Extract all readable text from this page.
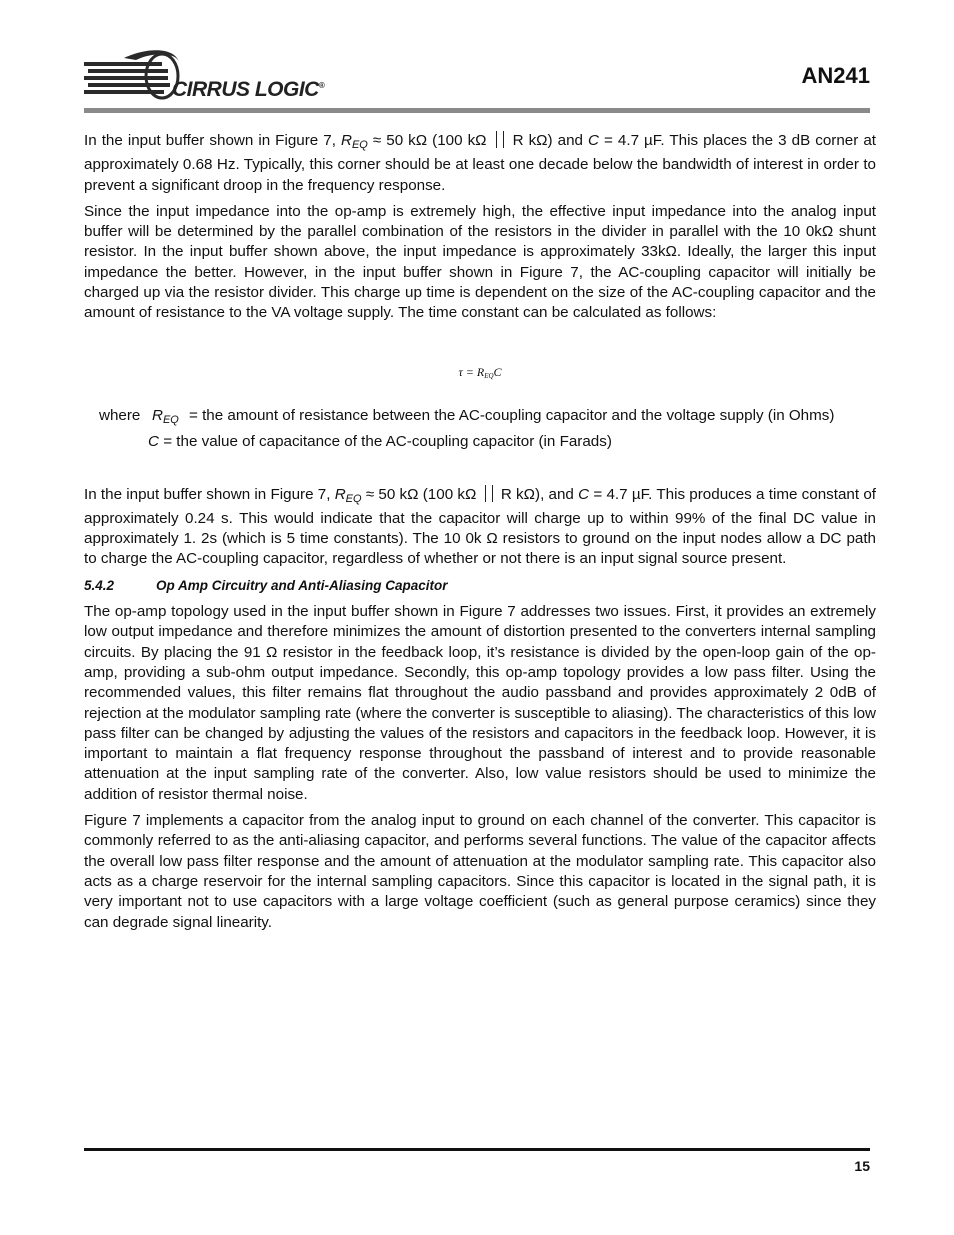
CIRRUS LOGIC®	AN241

In the input buffer shown in Figure 7, $R_{EQ} \approx 50$ kΩ (100 kΩ  R kΩ) and C = 4.7 µF. This places the 3 dB corner at approximately 0.68 Hz. Typically, this corner should be at least one decade below the bandwidth of interest in order to prevent a significant droop in the frequency response.

Since the input impedance into the op-amp is extremely high, the effective input impedance into the analog input buffer will be determined by the parallel combination of the resistors in the divider in parallel with the 10 0kΩ shunt resistor. In the input buffer shown above, the input impedance is approximately 33kΩ. Ideally, the larger this input impedance the better. However, in the input buffer shown in Figure 7, the AC-coupling capacitor will initially be charged up via the resistor divider. This charge up time is dependent on the size of the AC-coupling capacitor and the amount of resistance to the VA voltage supply. The time constant can be calculated as follows:

τ = REQC
where $R_{EQ}$ = the amount of resistance between the AC-coupling capacitor and the voltage supply (in Ohms)
C = the value of capacitance of the AC-coupling capacitor (in Farads)

In the input buffer shown in Figure 7, $R_{EQ} \approx 50$ kΩ (100 kΩ  R kΩ), and C = 4.7 µF. This produces a time constant of approximately 0.24 s. This would indicate that the capacitor will charge up to within 99% of the final DC value in approximately 1. 2s (which is 5 time constants). The 10 0k Ω resistors to ground on the input nodes allow a DC path to charge the AC-coupling capacitor, regardless of whether or not there is an input signal source present.

5.4.2	Op Amp Circuitry and Anti-Aliasing Capacitor

The op-amp topology used in the input buffer shown in Figure 7 addresses two issues. First, it provides an extremely low output impedance and therefore minimizes the amount of distortion presented to the converters internal sampling circuits. By placing the 91 Ω resistor in the feedback loop, it’s resistance is divided by the open-loop gain of the op-amp, providing a sub-ohm output impedance. Secondly, this op-amp topology provides a low pass filter. Using the recommended values, this filter remains flat throughout the audio passband and provides approximately 2 0dB of rejection at the modulator sampling rate (where the converter is susceptible to aliasing). The characteristics of this low pass filter can be changed by adjusting the values of the resistors and capacitors in the feedback loop. However, it is important to maintain a flat frequency response throughout the passband of interest and to provide reasonable attenuation at the input sampling rate of the converter. Also, low value resistors should be used to minimize the addition of resistor thermal noise.

Figure 7 implements a capacitor from the analog input to ground on each channel of the converter. This capacitor is commonly referred to as the anti-aliasing capacitor, and performs several functions. The value of the capacitor affects the overall low pass filter response and the amount of attenuation at the modulator sampling rate. This capacitor also acts as a charge reservoir for the internal sampling capacitors. Since this capacitor is located in the signal path, it is very important not to use capacitors with a large voltage coefficient (such as general purpose ceramics) since they can degrade signal linearity.

15
